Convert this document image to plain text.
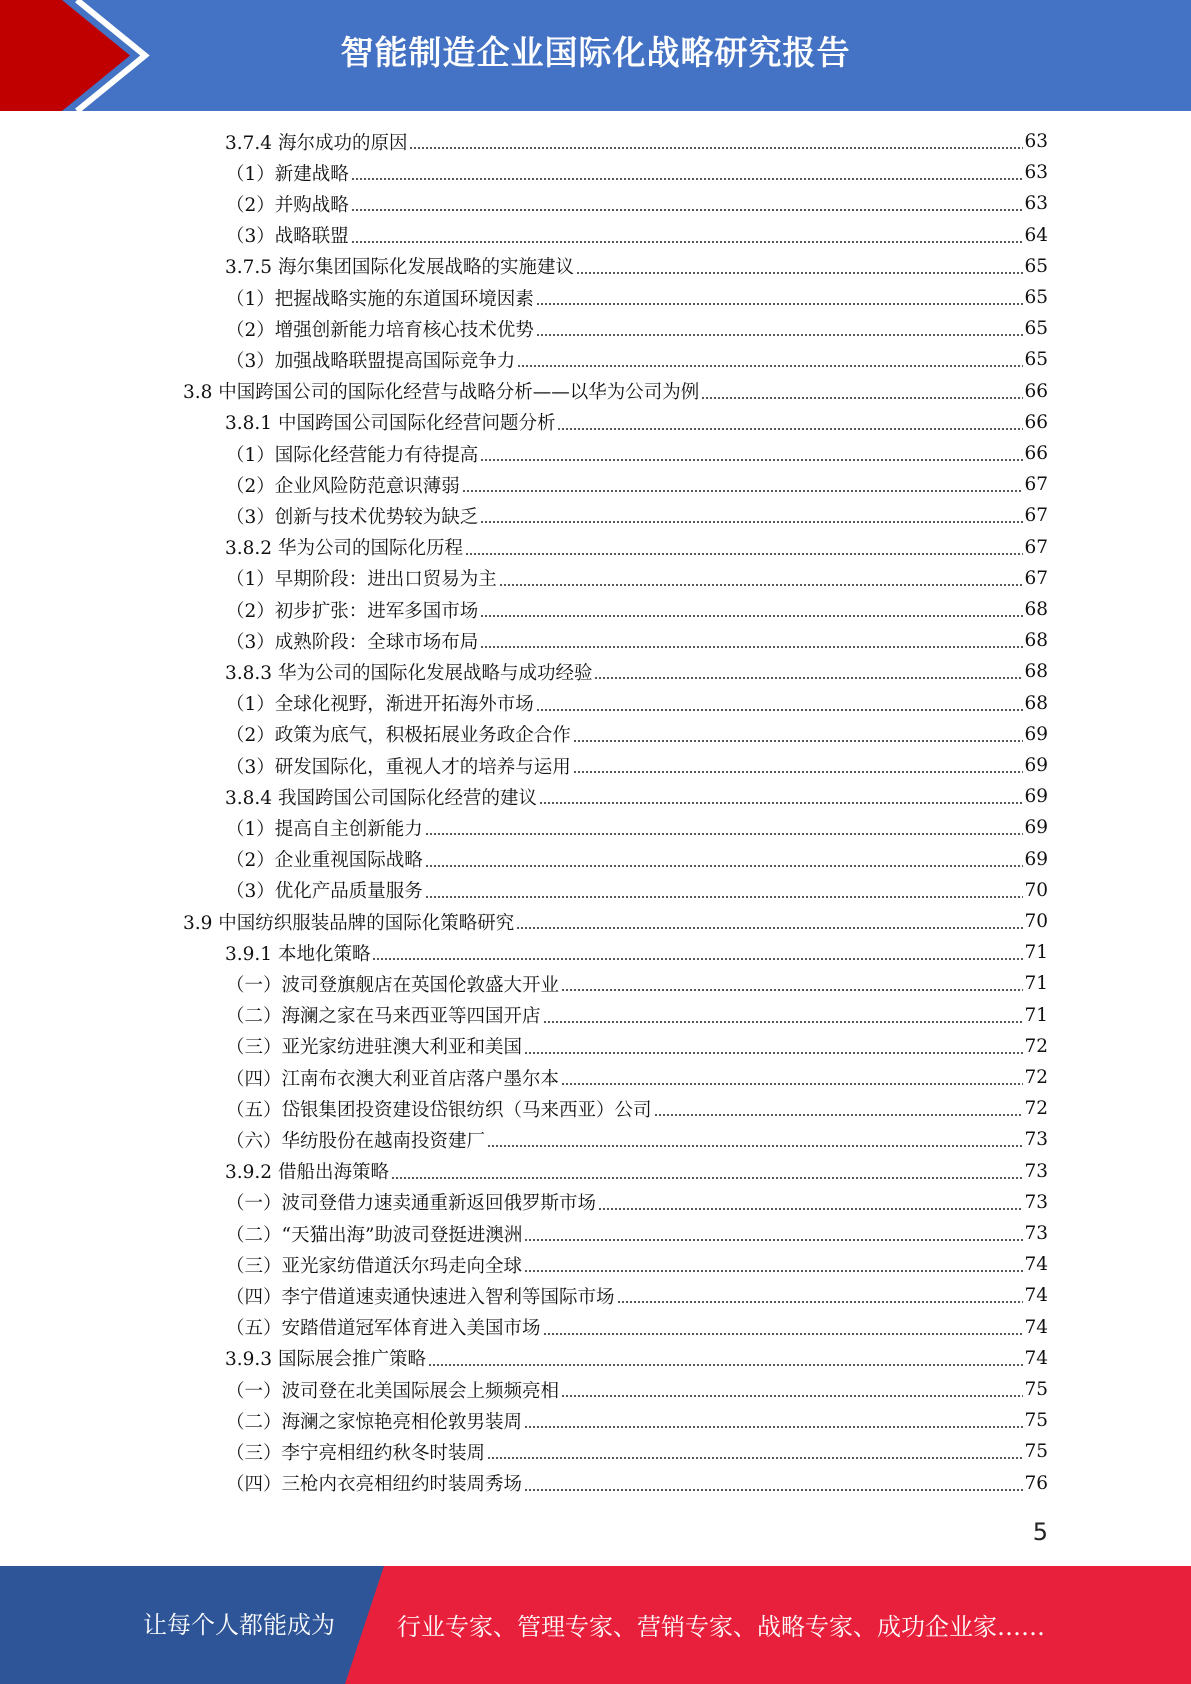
智能制造企业国际化战略研究报告
3.7.4 海尔成功的原因	63
（1）新建战略	63
（2）并购战略	63
（3）战略联盟	64
3.7.5 海尔集团国际化发展战略的实施建议	65
（1）把握战略实施的东道国环境因素	65
（2）增强创新能力培育核心技术优势	65
（3）加强战略联盟提高国际竞争力	65
3.8 中国跨国公司的国际化经营与战略分析——以华为公司为例	66
3.8.1 中国跨国公司国际化经营问题分析	66
（1）国际化经营能力有待提高	66
（2）企业风险防范意识薄弱	67
（3）创新与技术优势较为缺乏	67
3.8.2 华为公司的国际化历程	67
（1）早期阶段：进出口贸易为主	67
（2）初步扩张：进军多国市场	68
（3）成熟阶段：全球市场布局	68
3.8.3 华为公司的国际化发展战略与成功经验	68
（1）全球化视野，渐进开拓海外市场	68
（2）政策为底气，积极拓展业务政企合作	69
（3）研发国际化，重视人才的培养与运用	69
3.8.4 我国跨国公司国际化经营的建议	69
（1）提高自主创新能力	69
（2）企业重视国际战略	69
（3）优化产品质量服务	70
3.9 中国纺织服装品牌的国际化策略研究	70
3.9.1 本地化策略	71
（一）波司登旗舰店在英国伦敦盛大开业	71
（二）海澜之家在马来西亚等四国开店	71
（三）亚光家纺进驻澳大利亚和美国	72
（四）江南布衣澳大利亚首店落户墨尔本	72
（五）岱银集团投资建设岱银纺织（马来西亚）公司	72
（六）华纺股份在越南投资建厂	73
3.9.2 借船出海策略	73
（一）波司登借力速卖通重新返回俄罗斯市场	73
（二）“天猫出海”助波司登挺进澳洲	73
（三）亚光家纺借道沃尔玛走向全球	74
（四）李宁借道速卖通快速进入智利等国际市场	74
（五）安踏借道冠军体育进入美国市场	74
3.9.3 国际展会推广策略	74
（一）波司登在北美国际展会上频频亮相	75
（二）海澜之家惊艳亮相伦敦男装周	75
（三）李宁亮相纽约秋冬时装周	75
（四）三枪内衣亮相纽约时装周秀场	76
5
让每个人都能成为	行业专家、管理专家、营销专家、战略专家、成功企业家……
